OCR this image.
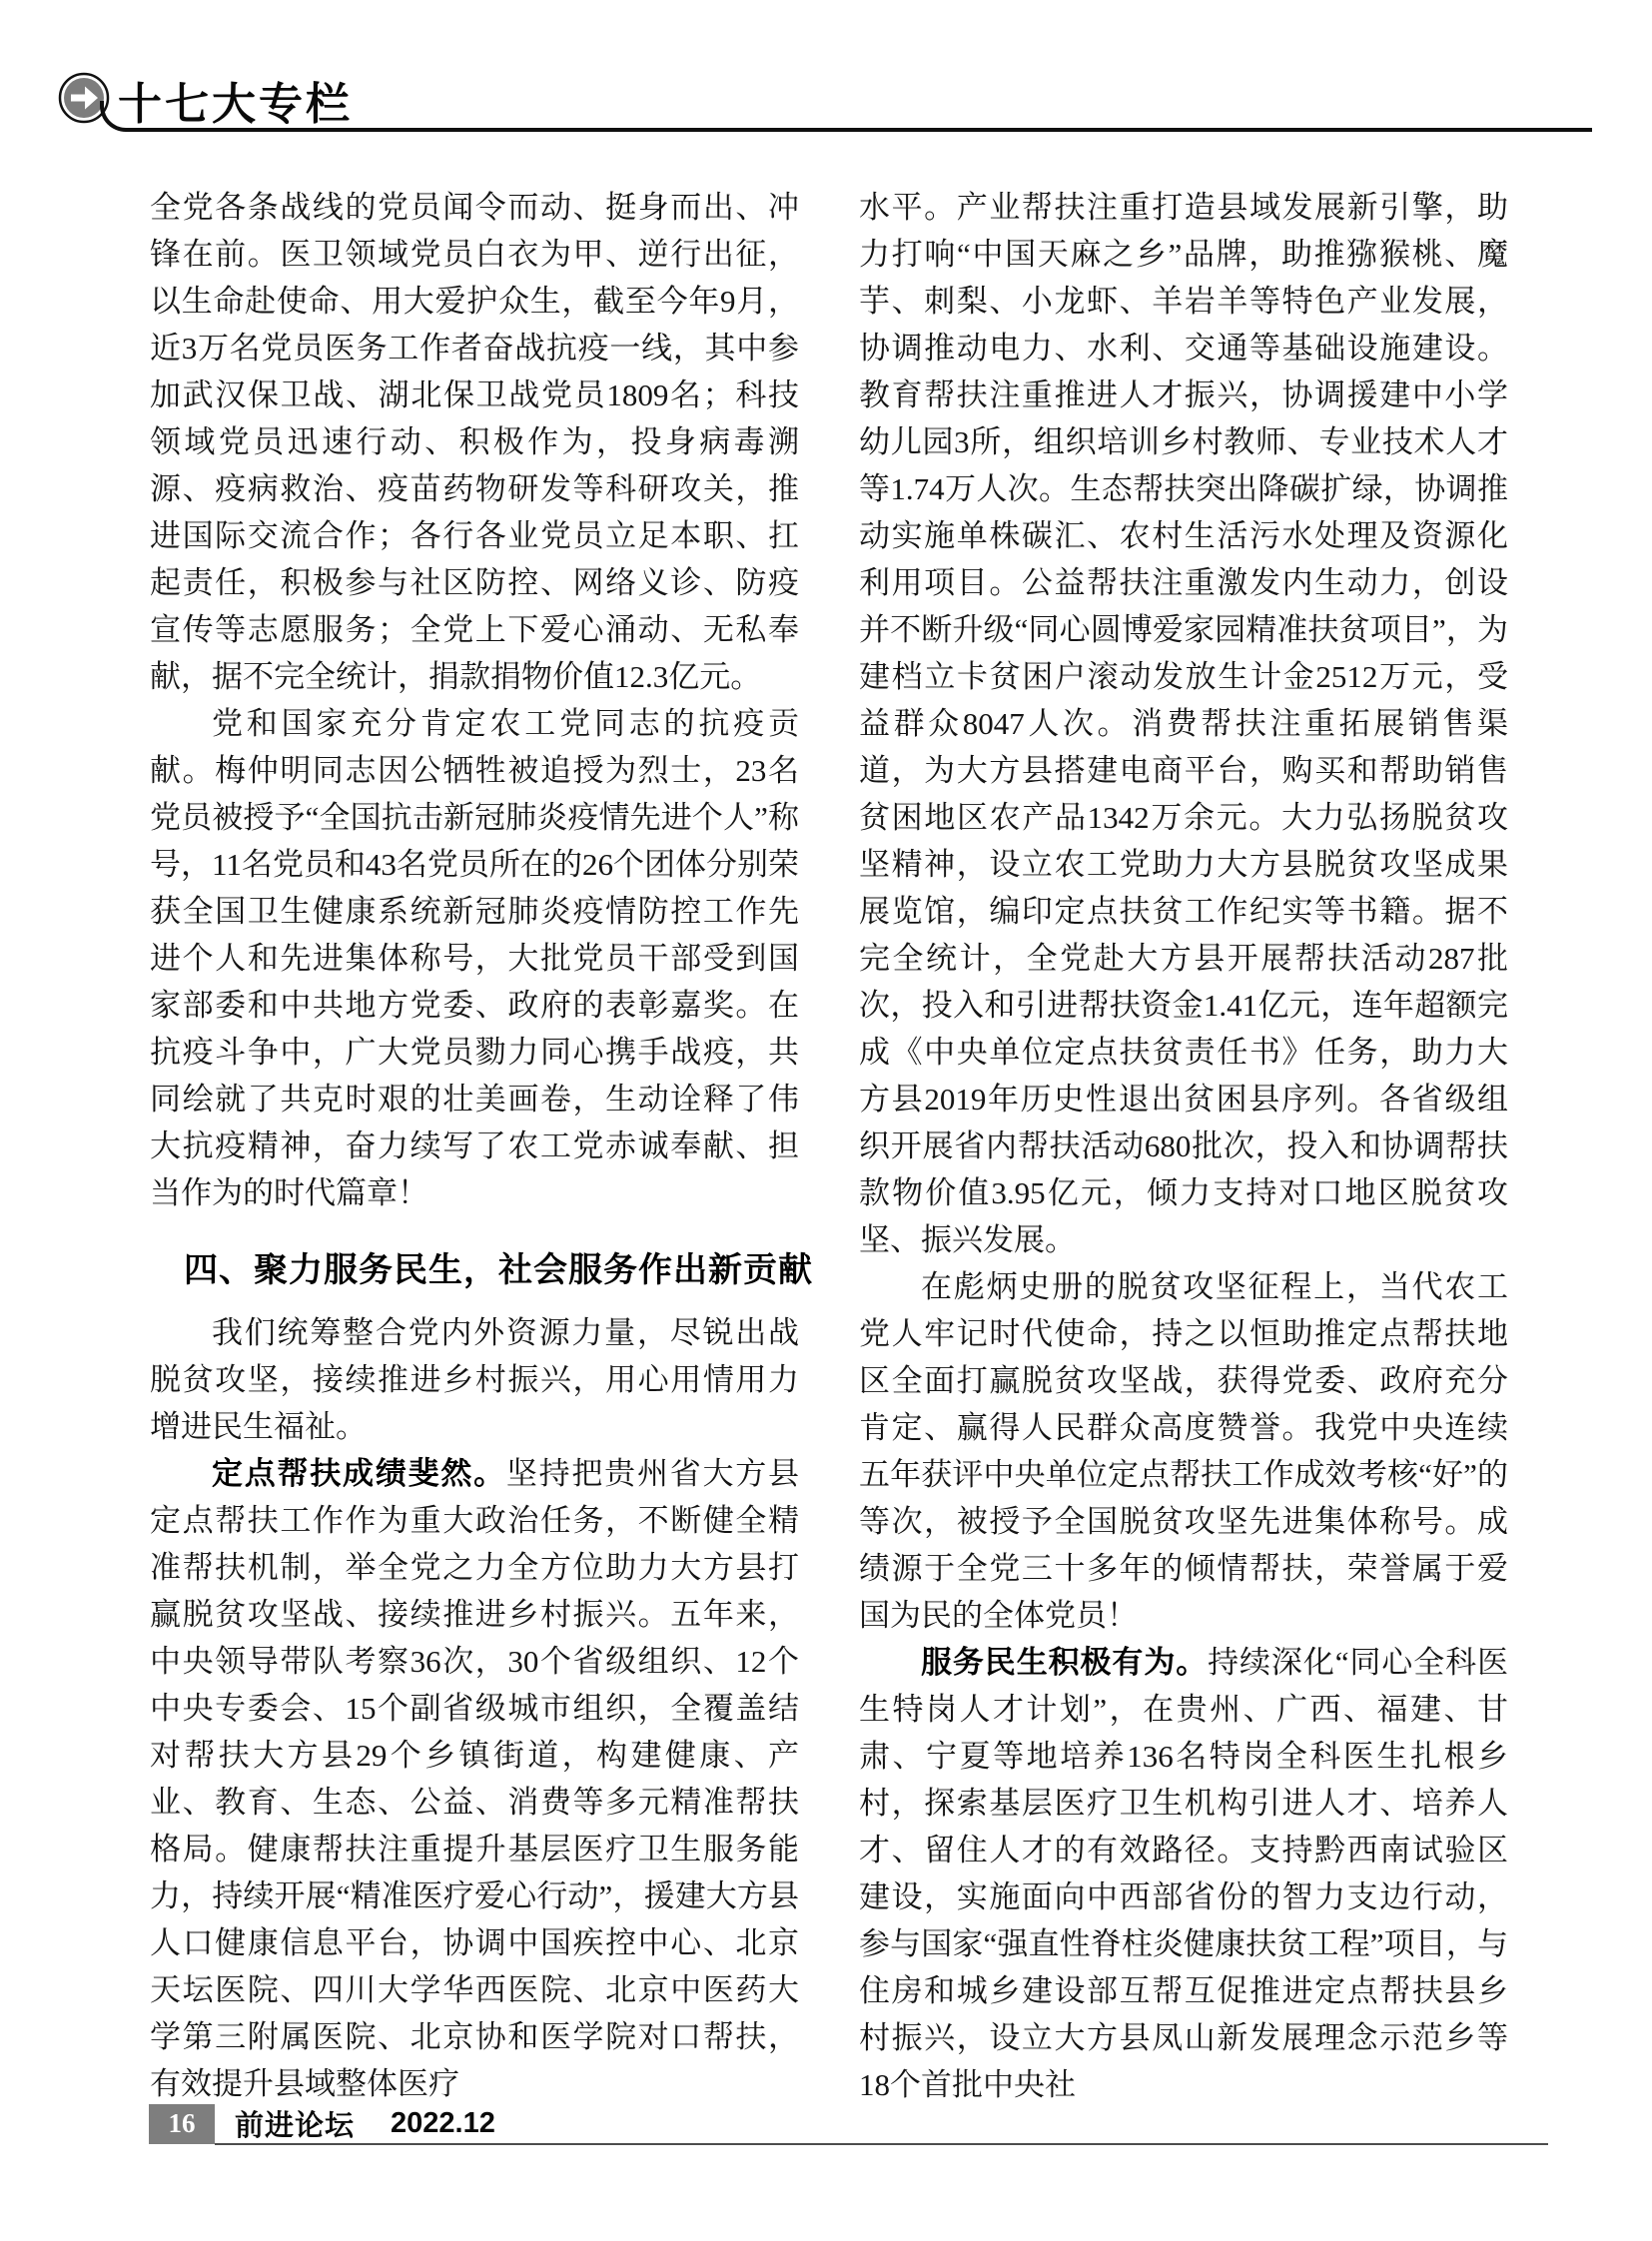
十七大专栏

全党各条战线的党员闻令而动、挺身而出、冲锋在前。医卫领域党员白衣为甲、逆行出征，以生命赴使命、用大爱护众生，截至今年9月，近3万名党员医务工作者奋战抗疫一线，其中参加武汉保卫战、湖北保卫战党员1809名；科技领域党员迅速行动、积极作为，投身病毒溯源、疫病救治、疫苗药物研发等科研攻关，推进国际交流合作；各行各业党员立足本职、扛起责任，积极参与社区防控、网络义诊、防疫宣传等志愿服务；全党上下爱心涌动、无私奉献，据不完全统计，捐款捐物价值12.3亿元。

党和国家充分肯定农工党同志的抗疫贡献。梅仲明同志因公牺牲被追授为烈士，23名党员被授予“全国抗击新冠肺炎疫情先进个人”称号，11名党员和43名党员所在的26个团体分别荣获全国卫生健康系统新冠肺炎疫情防控工作先进个人和先进集体称号，大批党员干部受到国家部委和中共地方党委、政府的表彰嘉奖。在抗疫斗争中，广大党员勠力同心携手战疫，共同绘就了共克时艰的壮美画卷，生动诠释了伟大抗疫精神，奋力续写了农工党赤诚奉献、担当作为的时代篇章！

四、聚力服务民生，社会服务作出新贡献

我们统筹整合党内外资源力量，尽锐出战脱贫攻坚，接续推进乡村振兴，用心用情用力增进民生福祉。

定点帮扶成绩斐然。坚持把贵州省大方县定点帮扶工作作为重大政治任务，不断健全精准帮扶机制，举全党之力全方位助力大方县打赢脱贫攻坚战、接续推进乡村振兴。五年来，中央领导带队考察36次，30个省级组织、12个中央专委会、15个副省级城市组织，全覆盖结对帮扶大方县29个乡镇街道，构建健康、产业、教育、生态、公益、消费等多元精准帮扶格局。健康帮扶注重提升基层医疗卫生服务能力，持续开展“精准医疗爱心行动”，援建大方县人口健康信息平台，协调中国疾控中心、北京天坛医院、四川大学华西医院、北京中医药大学第三附属医院、北京协和医学院对口帮扶，有效提升县域整体医疗

水平。产业帮扶注重打造县域发展新引擎，助力打响“中国天麻之乡”品牌，助推猕猴桃、魔芋、刺梨、小龙虾、羊岩羊等特色产业发展，协调推动电力、水利、交通等基础设施建设。教育帮扶注重推进人才振兴，协调援建中小学幼儿园3所，组织培训乡村教师、专业技术人才等1.74万人次。生态帮扶突出降碳扩绿，协调推动实施单株碳汇、农村生活污水处理及资源化利用项目。公益帮扶注重激发内生动力，创设并不断升级“同心圆博爱家园精准扶贫项目”，为建档立卡贫困户滚动发放生计金2512万元，受益群众8047人次。消费帮扶注重拓展销售渠道，为大方县搭建电商平台，购买和帮助销售贫困地区农产品1342万余元。大力弘扬脱贫攻坚精神，设立农工党助力大方县脱贫攻坚成果展览馆，编印定点扶贫工作纪实等书籍。据不完全统计，全党赴大方县开展帮扶活动287批次，投入和引进帮扶资金1.41亿元，连年超额完成《中央单位定点扶贫责任书》任务，助力大方县2019年历史性退出贫困县序列。各省级组织开展省内帮扶活动680批次，投入和协调帮扶款物价值3.95亿元，倾力支持对口地区脱贫攻坚、振兴发展。

在彪炳史册的脱贫攻坚征程上，当代农工党人牢记时代使命，持之以恒助推定点帮扶地区全面打赢脱贫攻坚战，获得党委、政府充分肯定、赢得人民群众高度赞誉。我党中央连续五年获评中央单位定点帮扶工作成效考核“好”的等次，被授予全国脱贫攻坚先进集体称号。成绩源于全党三十多年的倾情帮扶，荣誉属于爱国为民的全体党员！

服务民生积极有为。持续深化“同心全科医生特岗人才计划”，在贵州、广西、福建、甘肃、宁夏等地培养136名特岗全科医生扎根乡村，探索基层医疗卫生机构引进人才、培养人才、留住人才的有效路径。支持黔西南试验区建设，实施面向中西部省份的智力支边行动，参与国家“强直性脊柱炎健康扶贫工程”项目，与住房和城乡建设部互帮互促推进定点帮扶县乡村振兴，设立大方县凤山新发展理念示范乡等18个首批中央社

16	前进论坛 2022.12
